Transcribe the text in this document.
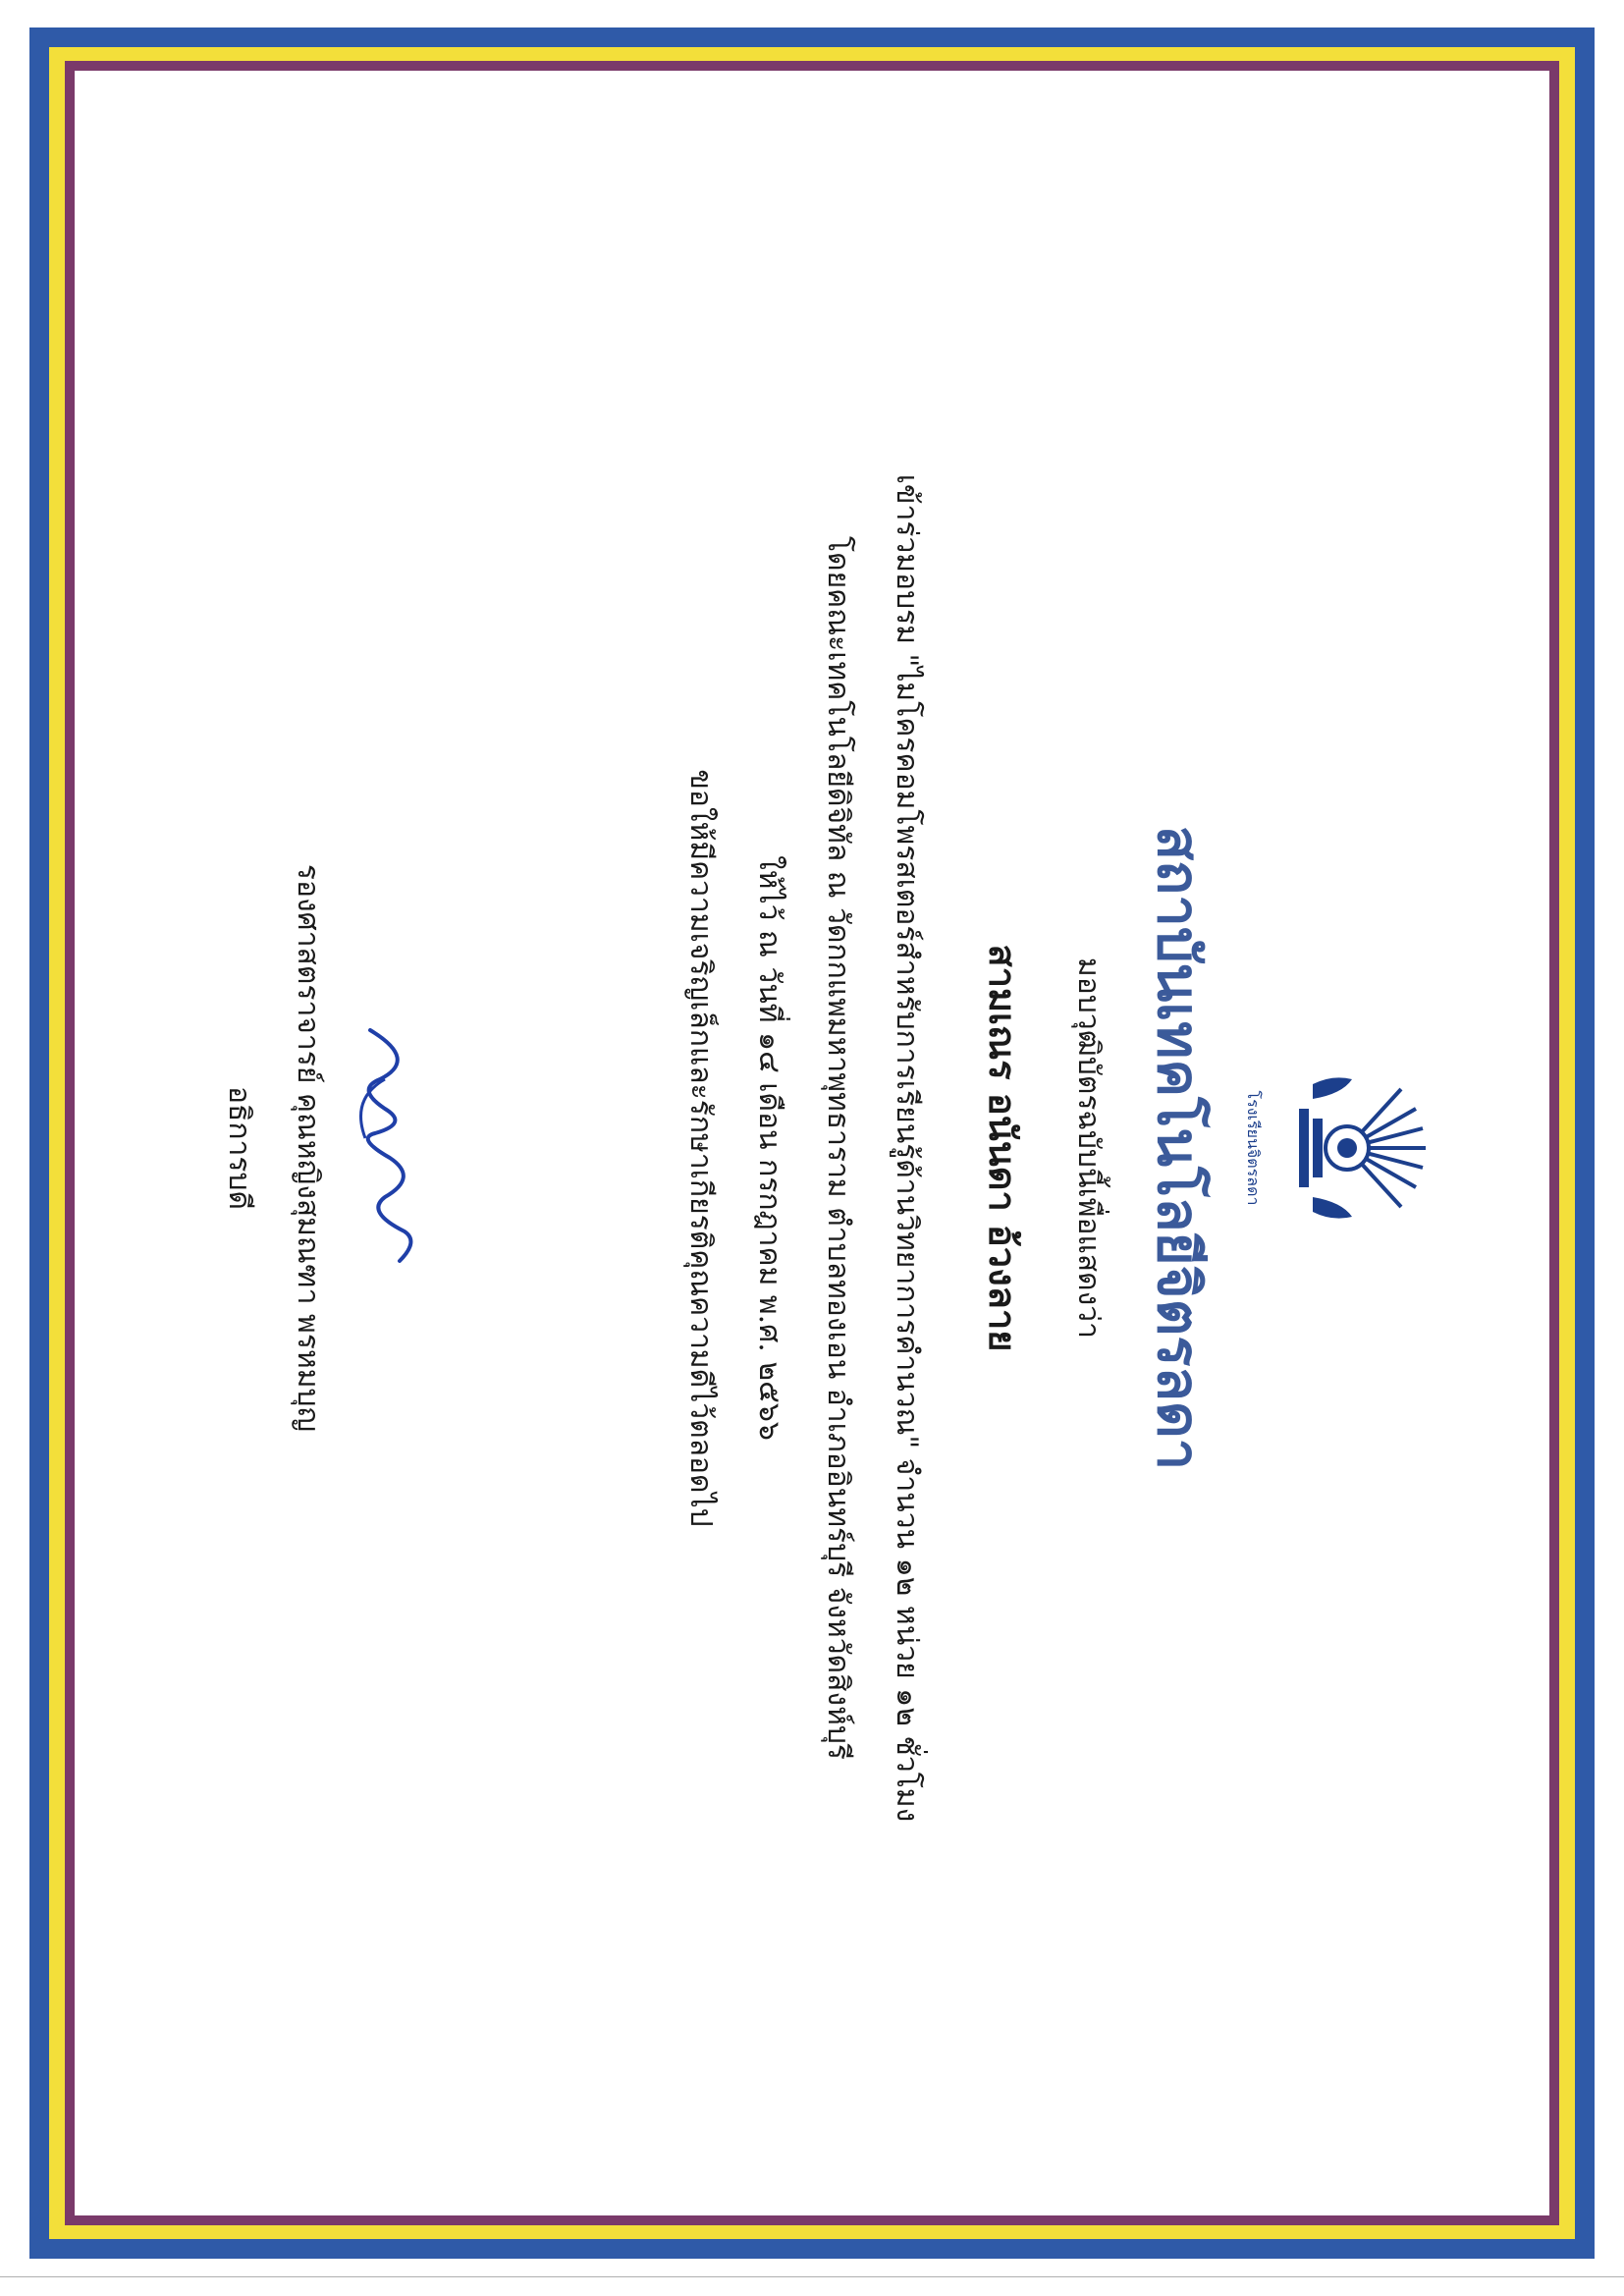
โรงเรียนจิตรลดา
สถาบันเทคโนโลยีจิตรลดา
มอบวุฒิบัตรฉบับนี้เพื่อแสดงว่า
สามเณร อนันดา อ้วงลาย
เข้าร่วมอบรม "ไมโครคอมโพรสเตอร์สำหรับการเรียนรู้ด้านวิทยาการคำนวณ" จำนวน ๑๒ หน่วย ๑๒ ชั่วโมง
โดยคณะเทคโนโลยีดิจิทัล ณ วัดกกแพมหาพุทธาราม ตำบลทองเอน อำเภออินทร์บุรี จังหวัดสิงห์บุรี
ให้ไว้ ณ วันที่ ๑๔ เดือน กรกฎาคม พ.ศ. ๒๕๖๖
ขอให้มีความเจริญเล็กและรักษาเกียรติคุณความดีไว้ตลอดไป
รองศาสตราจารย์ คุณหญิงสุมณฑา พรหมบุญ
อธิการบดี
